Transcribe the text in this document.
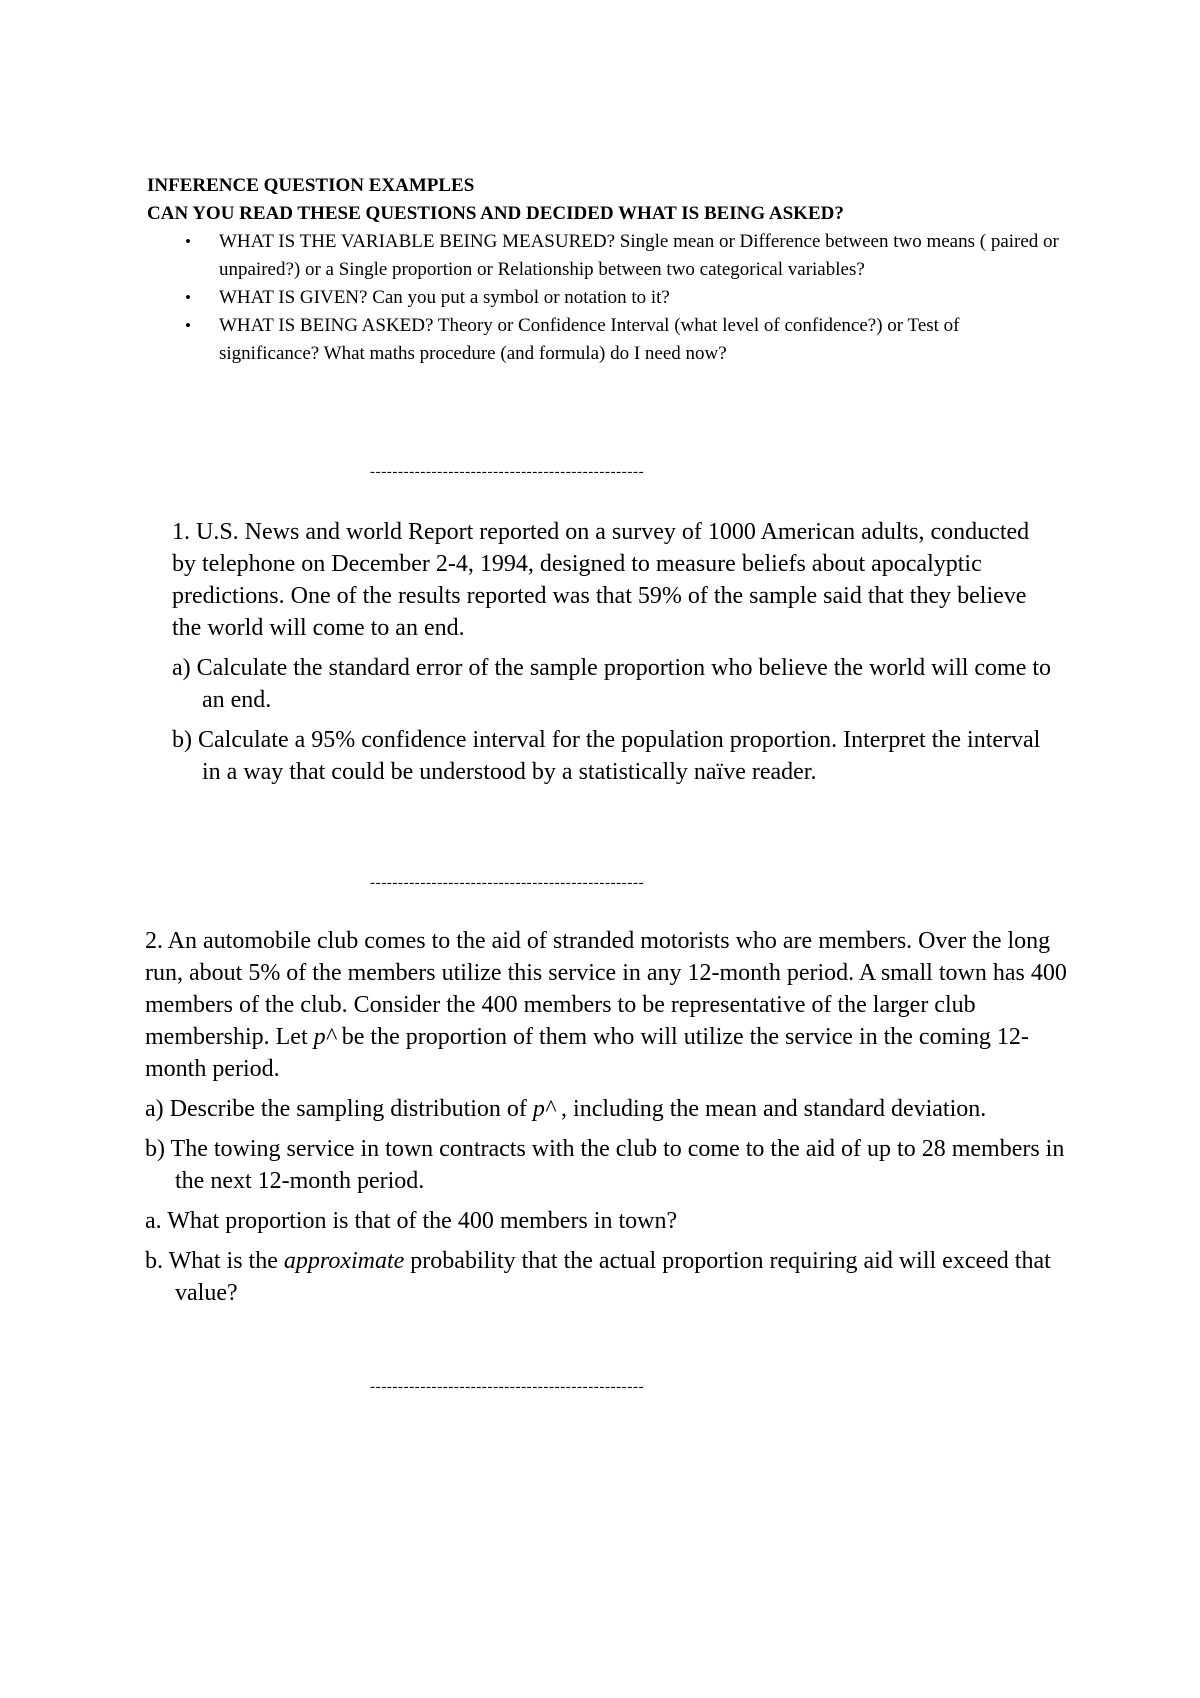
INFERENCE QUESTION EXAMPLES

CAN YOU READ THESE QUESTIONS AND DECIDED WHAT IS BEING ASKED?

• WHAT IS THE VARIABLE BEING MEASURED? Single mean or Difference between two means ( paired or unpaired?) or a Single proportion or Relationship between two categorical variables?
• WHAT IS GIVEN? Can you put a symbol or notation to it?
• WHAT IS BEING ASKED? Theory or Confidence Interval (what level of confidence?) or Test of significance? What maths procedure (and formula) do I need now?
-------------------------------------------------

1. U.S. News and world Report reported on a survey of 1000 American adults, conducted by telephone on December 2-4, 1994, designed to measure beliefs about apocalyptic predictions. One of the results reported was that 59% of the sample said that they believe the world will come to an end.

a) Calculate the standard error of the sample proportion who believe the world will come to an end.

b) Calculate a 95% confidence interval for the population proportion. Interpret the interval in a way that could be understood by a statistically naïve reader.

-------------------------------------------------

2. An automobile club comes to the aid of stranded motorists who are members. Over the long run, about 5% of the members utilize this service in any 12-month period. A small town has 400 members of the club. Consider the 400 members to be representative of the larger club membership. Let p^ be the proportion of them who will utilize the service in the coming 12-month period.

a) Describe the sampling distribution of p^ , including the mean and standard deviation.

b) The towing service in town contracts with the club to come to the aid of up to 28 members in the next 12-month period.

a. What proportion is that of the 400 members in town?

b. What is the approximate probability that the actual proportion requiring aid will exceed that value?

-------------------------------------------------
